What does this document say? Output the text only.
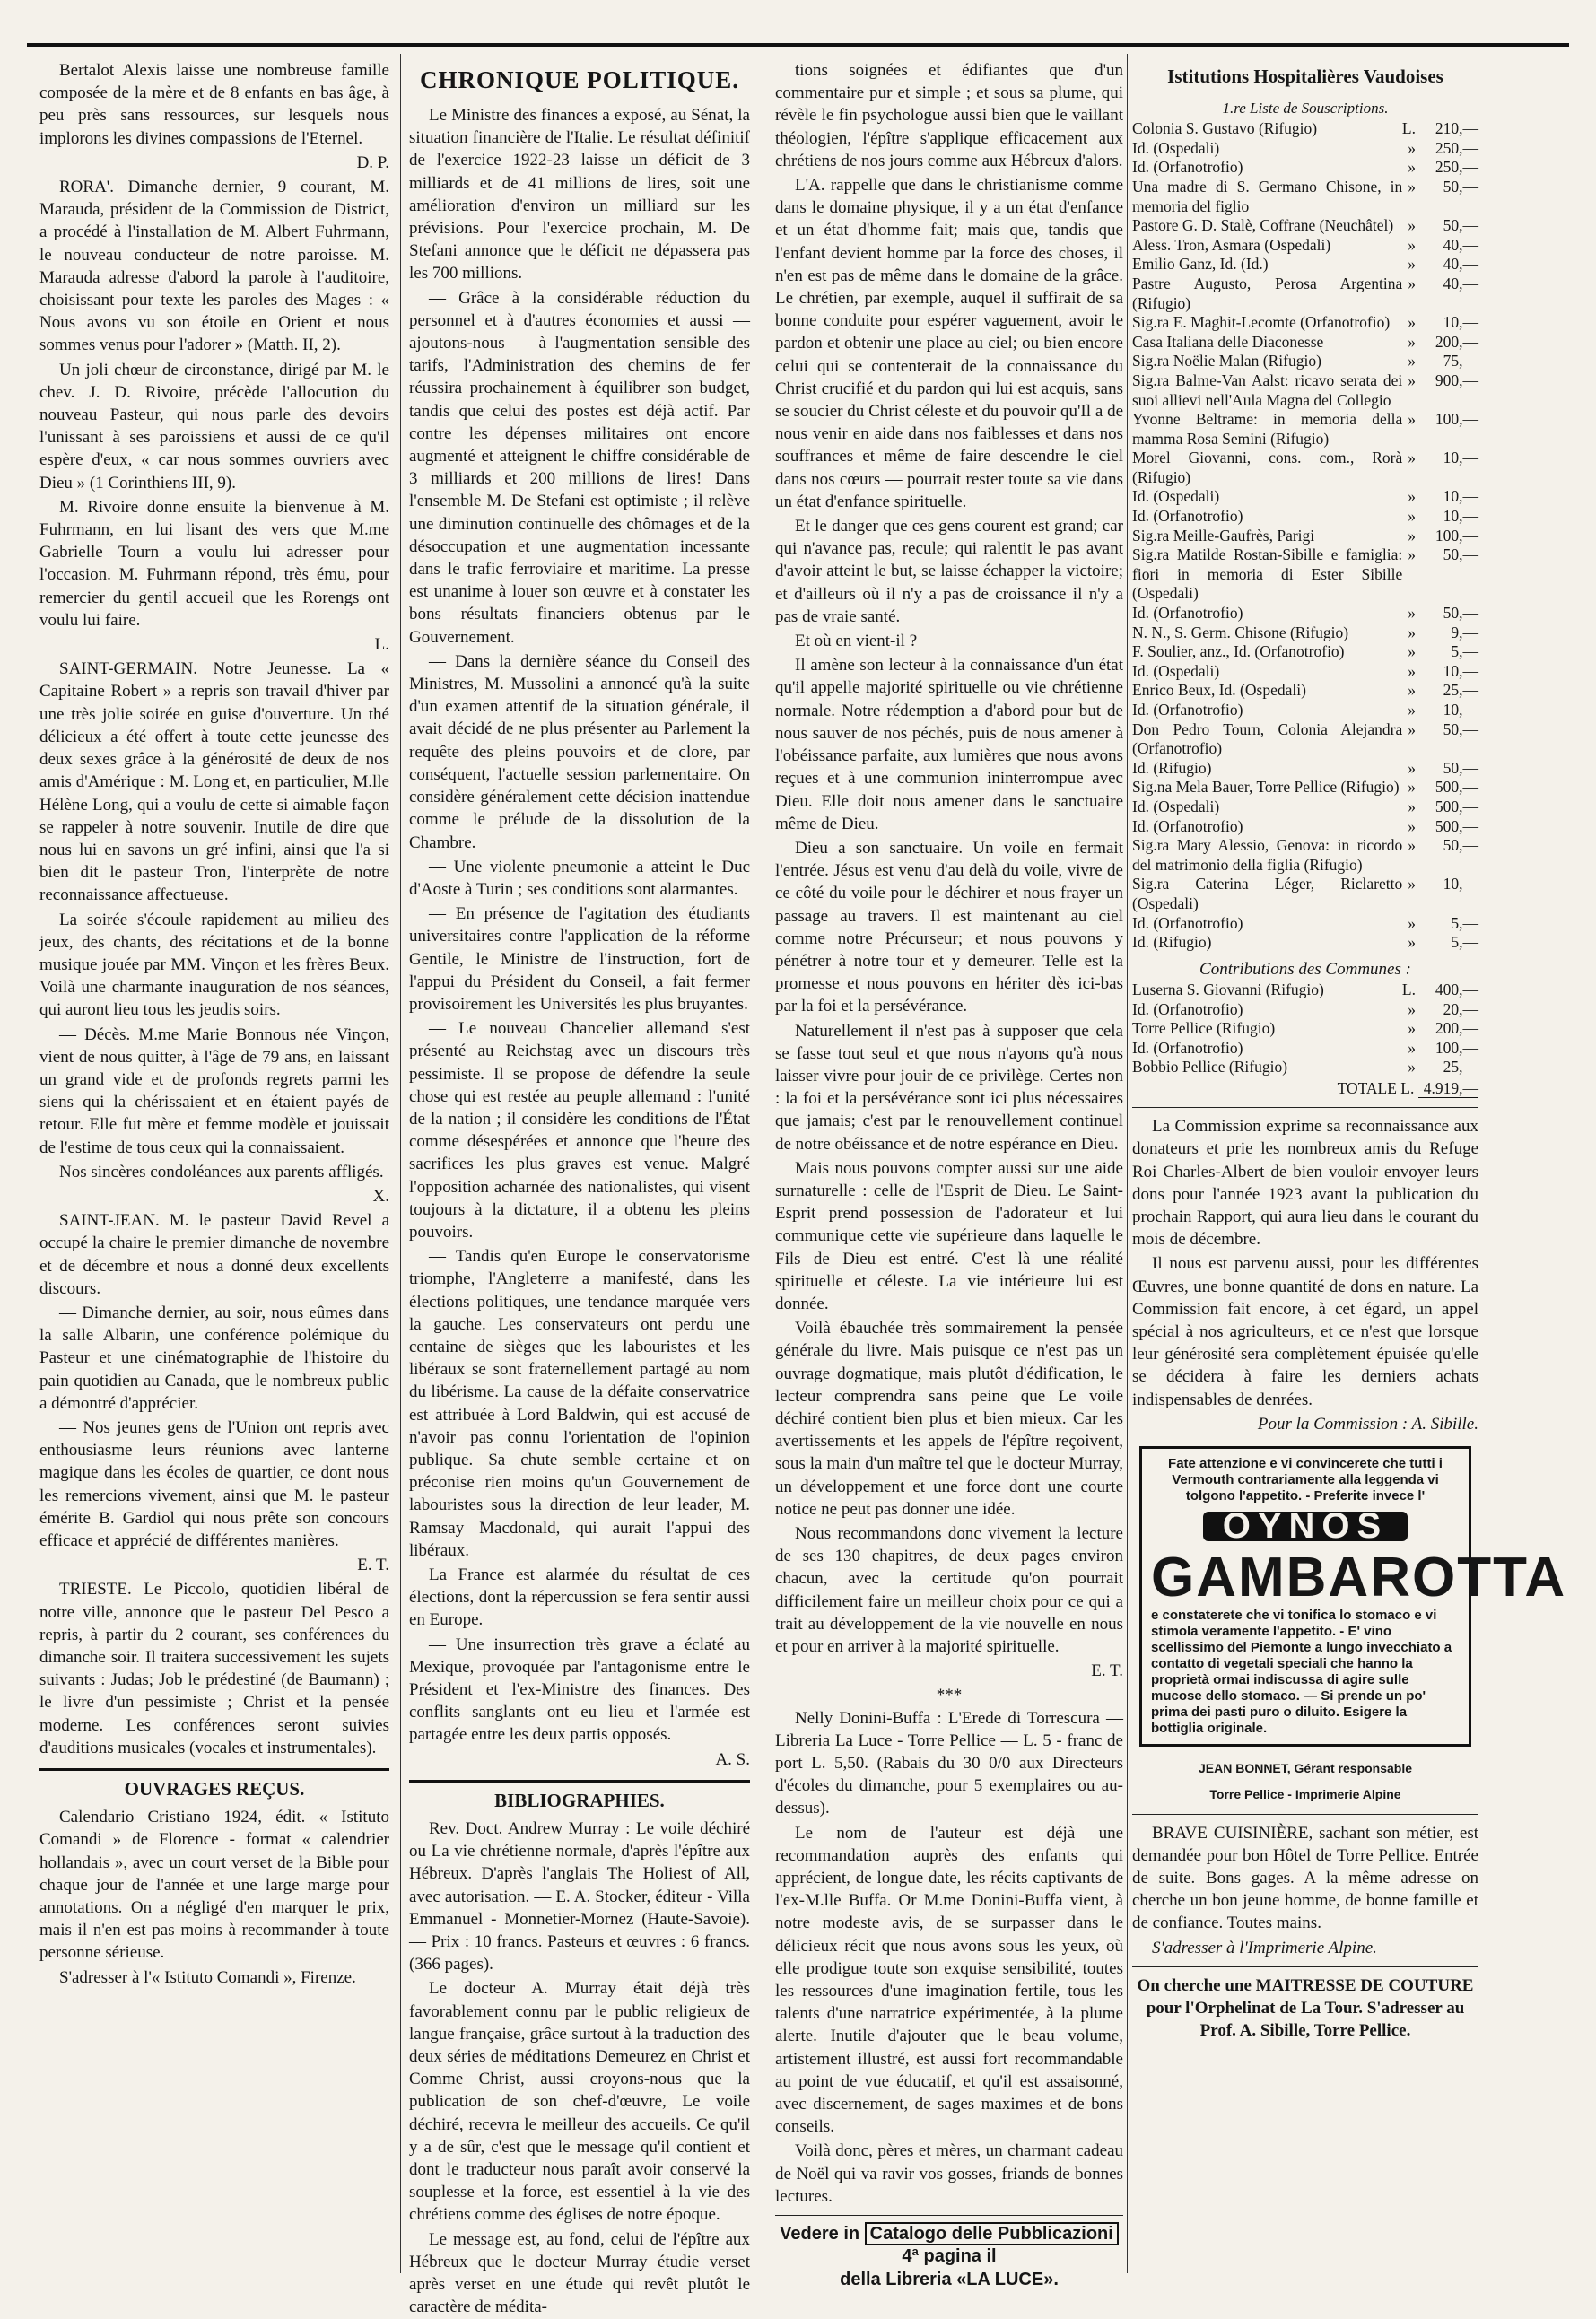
Bertalot Alexis laisse une nombreuse famille composée de la mère et de 8 enfants en bas âge, à peu près sans ressources, sur lesquels nous implorons les divines compassions de l'Eternel.

D. P.

RORA'. Dimanche dernier, 9 courant, M. Marauda, président de la Commission de District, a procédé à l'installation de M. Albert Fuhrmann, le nouveau conducteur de notre paroisse. M. Marauda adresse d'abord la parole à l'auditoire, choisissant pour texte les paroles des Mages : « Nous avons vu son étoile en Orient et nous sommes venus pour l'adorer » (Matth. II, 2).

Un joli chœur de circonstance, dirigé par M. le chev. J. D. Rivoire, précède l'allocution du nouveau Pasteur, qui nous parle des devoirs l'unissant à ses paroissiens et aussi de ce qu'il espère d'eux, « car nous sommes ouvriers avec Dieu » (1 Corinthiens III, 9).

M. Rivoire donne ensuite la bienvenue à M. Fuhrmann, en lui lisant des vers que M.me Gabrielle Tourn a voulu lui adresser pour l'occasion. M. Fuhrmann répond, très ému, pour remercier du gentil accueil que les Rorengs ont voulu lui faire.

L.

SAINT-GERMAIN. Notre Jeunesse. La « Capitaine Robert » a repris son travail d'hiver par une très jolie soirée en guise d'ouverture. Un thé délicieux a été offert à toute cette jeunesse des deux sexes grâce à la générosité de deux de nos amis d'Amérique : M. Long et, en particulier, M.lle Hélène Long, qui a voulu de cette si aimable façon se rappeler à notre souvenir. Inutile de dire que nous lui en savons un gré infini, ainsi que l'a si bien dit le pasteur Tron, l'interprète de notre reconnaissance affectueuse.

La soirée s'écoule rapidement au milieu des jeux, des chants, des récitations et de la bonne musique jouée par MM. Vinçon et les frères Beux. Voilà une charmante inauguration de nos séances, qui auront lieu tous les jeudis soirs.

— Décès. M.me Marie Bonnous née Vinçon, vient de nous quitter, à l'âge de 79 ans, en laissant un grand vide et de profonds regrets parmi les siens qui la chérissaient et en étaient payés de retour. Elle fut mère et femme modèle et jouissait de l'estime de tous ceux qui la connaissaient.

Nos sincères condoléances aux parents affligés.

X.

SAINT-JEAN. M. le pasteur David Revel a occupé la chaire le premier dimanche de novembre et de décembre et nous a donné deux excellents discours.

— Dimanche dernier, au soir, nous eûmes dans la salle Albarin, une conférence polémique du Pasteur et une cinématographie de l'histoire du pain quotidien au Canada, que le nombreux public a démontré d'apprécier.

— Nos jeunes gens de l'Union ont repris avec enthousiasme leurs réunions avec lanterne magique dans les écoles de quartier, ce dont nous les remercions vivement, ainsi que M. le pasteur émérite B. Gardiol qui nous prête son concours efficace et apprécié de différentes manières.

E. T.

TRIESTE. Le Piccolo, quotidien libéral de notre ville, annonce que le pasteur Del Pesco a repris, à partir du 2 courant, ses conférences du dimanche soir. Il traitera successivement les sujets suivants : Judas; Job le prédestiné (de Baumann) ; le livre d'un pessimiste ; Christ et la pensée moderne. Les conférences seront suivies d'auditions musicales (vocales et instrumentales).

OUVRAGES REÇUS.

Calendario Cristiano 1924, édit. « Istituto Comandi » de Florence - format « calendrier hollandais », avec un court verset de la Bible pour chaque jour de l'année et une large marge pour annotations. On a négligé d'en marquer le prix, mais il n'en est pas moins à recommander à toute personne sérieuse.

S'adresser à l'« Istituto Comandi », Firenze.

CHRONIQUE POLITIQUE.

Le Ministre des finances a exposé, au Sénat, la situation financière de l'Italie. Le résultat définitif de l'exercice 1922-23 laisse un déficit de 3 milliards et de 41 millions de lires, soit une amélioration d'environ un milliard sur les prévisions. Pour l'exercice prochain, M. De Stefani annonce que le déficit ne dépassera pas les 700 millions.

— Grâce à la considérable réduction du personnel et à d'autres économies et aussi — ajoutons-nous — à l'augmentation sensible des tarifs, l'Administration des chemins de fer réussira prochainement à équilibrer son budget, tandis que celui des postes est déjà actif. Par contre les dépenses militaires ont encore augmenté et atteignent le chiffre considérable de 3 milliards et 200 millions de lires! Dans l'ensemble M. De Stefani est optimiste ; il relève une diminution continuelle des chômages et de la désoccupation et une augmentation incessante dans le trafic ferroviaire et maritime. La presse est unanime à louer son œuvre et à constater les bons résultats financiers obtenus par le Gouvernement.

— Dans la dernière séance du Conseil des Ministres, M. Mussolini a annoncé qu'à la suite d'un examen attentif de la situation générale, il avait décidé de ne plus présenter au Parlement la requête des pleins pouvoirs et de clore, par conséquent, l'actuelle session parlementaire. On considère généralement cette décision inattendue comme le prélude de la dissolution de la Chambre.

— Une violente pneumonie a atteint le Duc d'Aoste à Turin ; ses conditions sont alarmantes.

— En présence de l'agitation des étudiants universitaires contre l'application de la réforme Gentile, le Ministre de l'instruction, fort de l'appui du Président du Conseil, a fait fermer provisoirement les Universités les plus bruyantes.

— Le nouveau Chancelier allemand s'est présenté au Reichstag avec un discours très pessimiste. Il se propose de défendre la seule chose qui est restée au peuple allemand : l'unité de la nation ; il considère les conditions de l'État comme désespérées et annonce que l'heure des sacrifices les plus graves est venue. Malgré l'opposition acharnée des nationalistes, qui visent toujours à la dictature, il a obtenu les pleins pouvoirs.

— Tandis qu'en Europe le conservatorisme triomphe, l'Angleterre a manifesté, dans les élections politiques, une tendance marquée vers la gauche. Les conservateurs ont perdu une centaine de sièges que les labouristes et les libéraux se sont fraternellement partagé au nom du libérisme. La cause de la défaite conservatrice est attribuée à Lord Baldwin, qui est accusé de n'avoir pas connu l'orientation de l'opinion publique. Sa chute semble certaine et on préconise rien moins qu'un Gouvernement de labouristes sous la direction de leur leader, M. Ramsay Macdonald, qui aurait l'appui des libéraux.

La France est alarmée du résultat de ces élections, dont la répercussion se fera sentir aussi en Europe.

— Une insurrection très grave a éclaté au Mexique, provoquée par l'antagonisme entre le Président et l'ex-Ministre des finances. Des conflits sanglants ont eu lieu et l'armée est partagée entre les deux partis opposés.

A. S.

BIBLIOGRAPHIES.

Rev. Doct. Andrew Murray : Le voile déchiré ou La vie chrétienne normale, d'après l'épître aux Hébreux. D'après l'anglais The Holiest of All, avec autorisation. — E. A. Stocker, éditeur - Villa Emmanuel - Monnetier-Mornez (Haute-Savoie). — Prix : 10 francs. Pasteurs et œuvres : 6 francs. (366 pages).

Le docteur A. Murray était déjà très favorablement connu par le public religieux de langue française, grâce surtout à la traduction des deux séries de méditations Demeurez en Christ et Comme Christ, aussi croyons-nous que la publication de son chef-d'œuvre, Le voile déchiré, recevra le meilleur des accueils. Ce qu'il y a de sûr, c'est que le message qu'il contient et dont le traducteur nous paraît avoir conservé la souplesse et la force, est essentiel à la vie des chrétiens comme des églises de notre époque.

Le message est, au fond, celui de l'épître aux Hébreux que le docteur Murray étudie verset après verset en une étude qui revêt plutôt le caractère de médita-

tions soignées et édifiantes que d'un commentaire pur et simple ; et sous sa plume, qui révèle le fin psychologue aussi bien que le vaillant théologien, l'épître s'applique efficacement aux chrétiens de nos jours comme aux Hébreux d'alors.

L'A. rappelle que dans le christianisme comme dans le domaine physique, il y a un état d'enfance et un état d'homme fait; mais que, tandis que l'enfant devient homme par la force des choses, il n'en est pas de même dans le domaine de la grâce. Le chrétien, par exemple, auquel il suffirait de sa bonne conduite pour espérer vaguement, avoir le pardon et obtenir une place au ciel; ou bien encore celui qui se contenterait de la connaissance du Christ crucifié et du pardon qui lui est acquis, sans se soucier du Christ céleste et du pouvoir qu'Il a de nous venir en aide dans nos faiblesses et dans nos souffrances et même de faire descendre le ciel dans nos cœurs — pourrait rester toute sa vie dans un état d'enfance spirituelle.

Et le danger que ces gens courent est grand; car qui n'avance pas, recule; qui ralentit le pas avant d'avoir atteint le but, se laisse échapper la victoire; et d'ailleurs où il n'y a pas de croissance il n'y a pas de vraie santé.

Et où en vient-il ?

Il amène son lecteur à la connaissance d'un état qu'il appelle majorité spirituelle ou vie chrétienne normale. Notre rédemption a d'abord pour but de nous sauver de nos péchés, puis de nous amener à l'obéissance parfaite, aux lumières que nous avons reçues et à une communion ininterrompue avec Dieu. Elle doit nous amener dans le sanctuaire même de Dieu.

Dieu a son sanctuaire. Un voile en fermait l'entrée. Jésus est venu d'au delà du voile, vivre de ce côté du voile pour le déchirer et nous frayer un passage au travers. Il est maintenant au ciel comme notre Précurseur; et nous pouvons y pénétrer à notre tour et y demeurer. Telle est la promesse et nous pouvons en hériter dès ici-bas par la foi et la persévérance.

Naturellement il n'est pas à supposer que cela se fasse tout seul et que nous n'ayons qu'à nous laisser vivre pour jouir de ce privilège. Certes non : la foi et la persévérance sont ici plus nécessaires que jamais; c'est par le renouvellement continuel de notre obéissance et de notre espérance en Dieu.

Mais nous pouvons compter aussi sur une aide surnaturelle : celle de l'Esprit de Dieu. Le Saint-Esprit prend possession de l'adorateur et lui communique cette vie supérieure dans laquelle le Fils de Dieu est entré. C'est là une réalité spirituelle et céleste. La vie intérieure lui est donnée.

Voilà ébauchée très sommairement la pensée générale du livre. Mais puisque ce n'est pas un ouvrage dogmatique, mais plutôt d'édification, le lecteur comprendra sans peine que Le voile déchiré contient bien plus et bien mieux. Car les avertissements et les appels de l'épître reçoivent, sous la main d'un maître tel que le docteur Murray, un développement et une force dont une courte notice ne peut pas donner une idée.

Nous recommandons donc vivement la lecture de ses 130 chapitres, de deux pages environ chacun, avec la certitude qu'on pourrait difficilement faire un meilleur choix pour ce qui a trait au développement de la vie nouvelle en nous et pour en arriver à la majorité spirituelle.

E. T.

***

Nelly Donini-Buffa : L'Erede di Torrescura — Libreria La Luce - Torre Pellice — L. 5 - franc de port L. 5,50. (Rabais du 30 0/0 aux Directeurs d'écoles du dimanche, pour 5 exemplaires ou au-dessus).

Le nom de l'auteur est déjà une recommandation auprès des enfants qui apprécient, de longue date, les récits captivants de l'ex-M.lle Buffa. Or M.me Donini-Buffa vient, à notre modeste avis, de se surpasser dans le délicieux récit que nous avons sous les yeux, où elle prodigue toute son exquise sensibilité, toutes les ressources d'une imagination fertile, tous les talents d'une narratrice expérimentée, à la plume alerte. Inutile d'ajouter que le beau volume, artistement illustré, est aussi fort recommandable au point de vue éducatif, et qu'il est assaisonné, avec discernement, de sages maximes et de bons conseils.

Voilà donc, pères et mères, un charmant cadeau de Noël qui va ravir vos gosses, friands de bonnes lectures.

Vedere in Catalogo delle Pubblicazioni
4ª pagina il
della Libreria «LA LUCE».
Istitutions Hospitalières Vaudoises
1.re Liste de Souscriptions.
Colonia S. Gustavo (Rifugio)	L.	210,—
Id. (Ospedali)	»	250,—
Id. (Orfanotrofio)	»	250,—
Una madre di S. Germano Chisone, in memoria del figlio
»	50,—
Pastore G. D. Stalè, Coffrane (Neuchâtel) »	50,—
Aless. Tron, Asmara (Ospedali)	»	40,—
Emilio Ganz, Id. (Id.)	»	40,—
Pastre Augusto, Perosa Argentina (Rifugio)
»	40,—
Sig.ra E. Maghit-Lecomte (Orfanotrofio)	»	10,—
Casa Italiana delle Diaconesse	»	200,—
Sig.ra Noëlie Malan (Rifugio)	»	75,—
Sig.ra Balme-Van Aalst: ricavo serata dei suoi allievi nell'Aula Magna del Collegio
»	900,—
Yvonne Beltrame: in memoria della mamma Rosa Semini (Rifugio)
»	100,—
Morel Giovanni, cons. com., Rorà (Rifugio)
»	10,—
Id. (Ospedali)	»	10,—
Id. (Orfanotrofio)	»	10,—
Sig.ra Meille-Gaufrès, Parigi	»	100,—
Sig.ra Matilde Rostan-Sibille e famiglia: fiori in memoria di Ester Sibille (Ospedali)
»	50,—
Id. (Orfanotrofio)	»	50,—
N. N., S. Germ. Chisone (Rifugio)	»	9,—
F. Soulier, anz., Id. (Orfanotrofio)	»	5,—
Id. (Ospedali)	»	10,—
Enrico Beux, Id. (Ospedali)	»	25,—
Id. (Orfanotrofio)	»	10,—
Don Pedro Tourn, Colonia Alejandra (Orfanotrofio)
»	50,—
Id. (Rifugio)	»	50,—
Sig.na Mela Bauer, Torre Pellice (Rifugio) »	500,—
Id. (Ospedali)	»	500,—
Id. (Orfanotrofio)	»	500,—
Sig.ra Mary Alessio, Genova: in ricordo del matrimonio della figlia (Rifugio)
»	50,—
Sig.ra Caterina Léger, Riclaretto (Ospedali)
»	10,—
Id. (Orfanotrofio)	»	5,—
Id. (Rifugio)	»	5,—
Contributions des Communes :
Luserna S. Giovanni (Rifugio)	L.	400,—
Id. (Orfanotrofio)	»	20,—
Torre Pellice (Rifugio)	»	200,—
Id. (Orfanotrofio)	»	100,—
Bobbio Pellice (Rifugio)	»	25,—
TOTALE L. 4.919,—

La Commission exprime sa reconnaissance aux donateurs et prie les nombreux amis du Refuge Roi Charles-Albert de bien vouloir envoyer leurs dons pour l'année 1923 avant la publication du prochain Rapport, qui aura lieu dans le courant du mois de décembre.

Il nous est parvenu aussi, pour les différentes Œuvres, une bonne quantité de dons en nature. La Commission fait encore, à cet égard, un appel spécial à nos agriculteurs, et ce n'est que lorsque leur générosité sera complètement épuisée qu'elle se décidera à faire les derniers achats indispensables de denrées.

Pour la Commission : A. Sibille.

Fate attenzione e vi convincerete che tutti i Vermouth contrariamente alla leggenda vi tolgono l'appetito. - Preferite invece l'
OYNOS
GAMBAROTTA
e constaterete che vi tonifica lo stomaco e vi stimola veramente l'appetito. - E' vino scellissimo del Piemonte a lungo invecchiato a contatto di vegetali speciali che hanno la proprietà ormai indiscussa di agire sulle mucose dello stomaco. — Si prende un po' prima dei pasti puro o diluito. Esigere la bottiglia originale.
JEAN BONNET, Gérant responsable
Torre Pellice - Imprimerie Alpine

BRAVE CUISINIÈRE, sachant son métier, est demandée pour bon Hôtel de Torre Pellice. Entrée de suite. Bons gages. A la même adresse on cherche un bon jeune homme, de bonne famille et de confiance. Toutes mains.

S'adresser à l'Imprimerie Alpine.

On cherche une MAITRESSE DE COUTURE pour l'Orphelinat de La Tour. S'adresser au Prof. A. Sibille, Torre Pellice.
